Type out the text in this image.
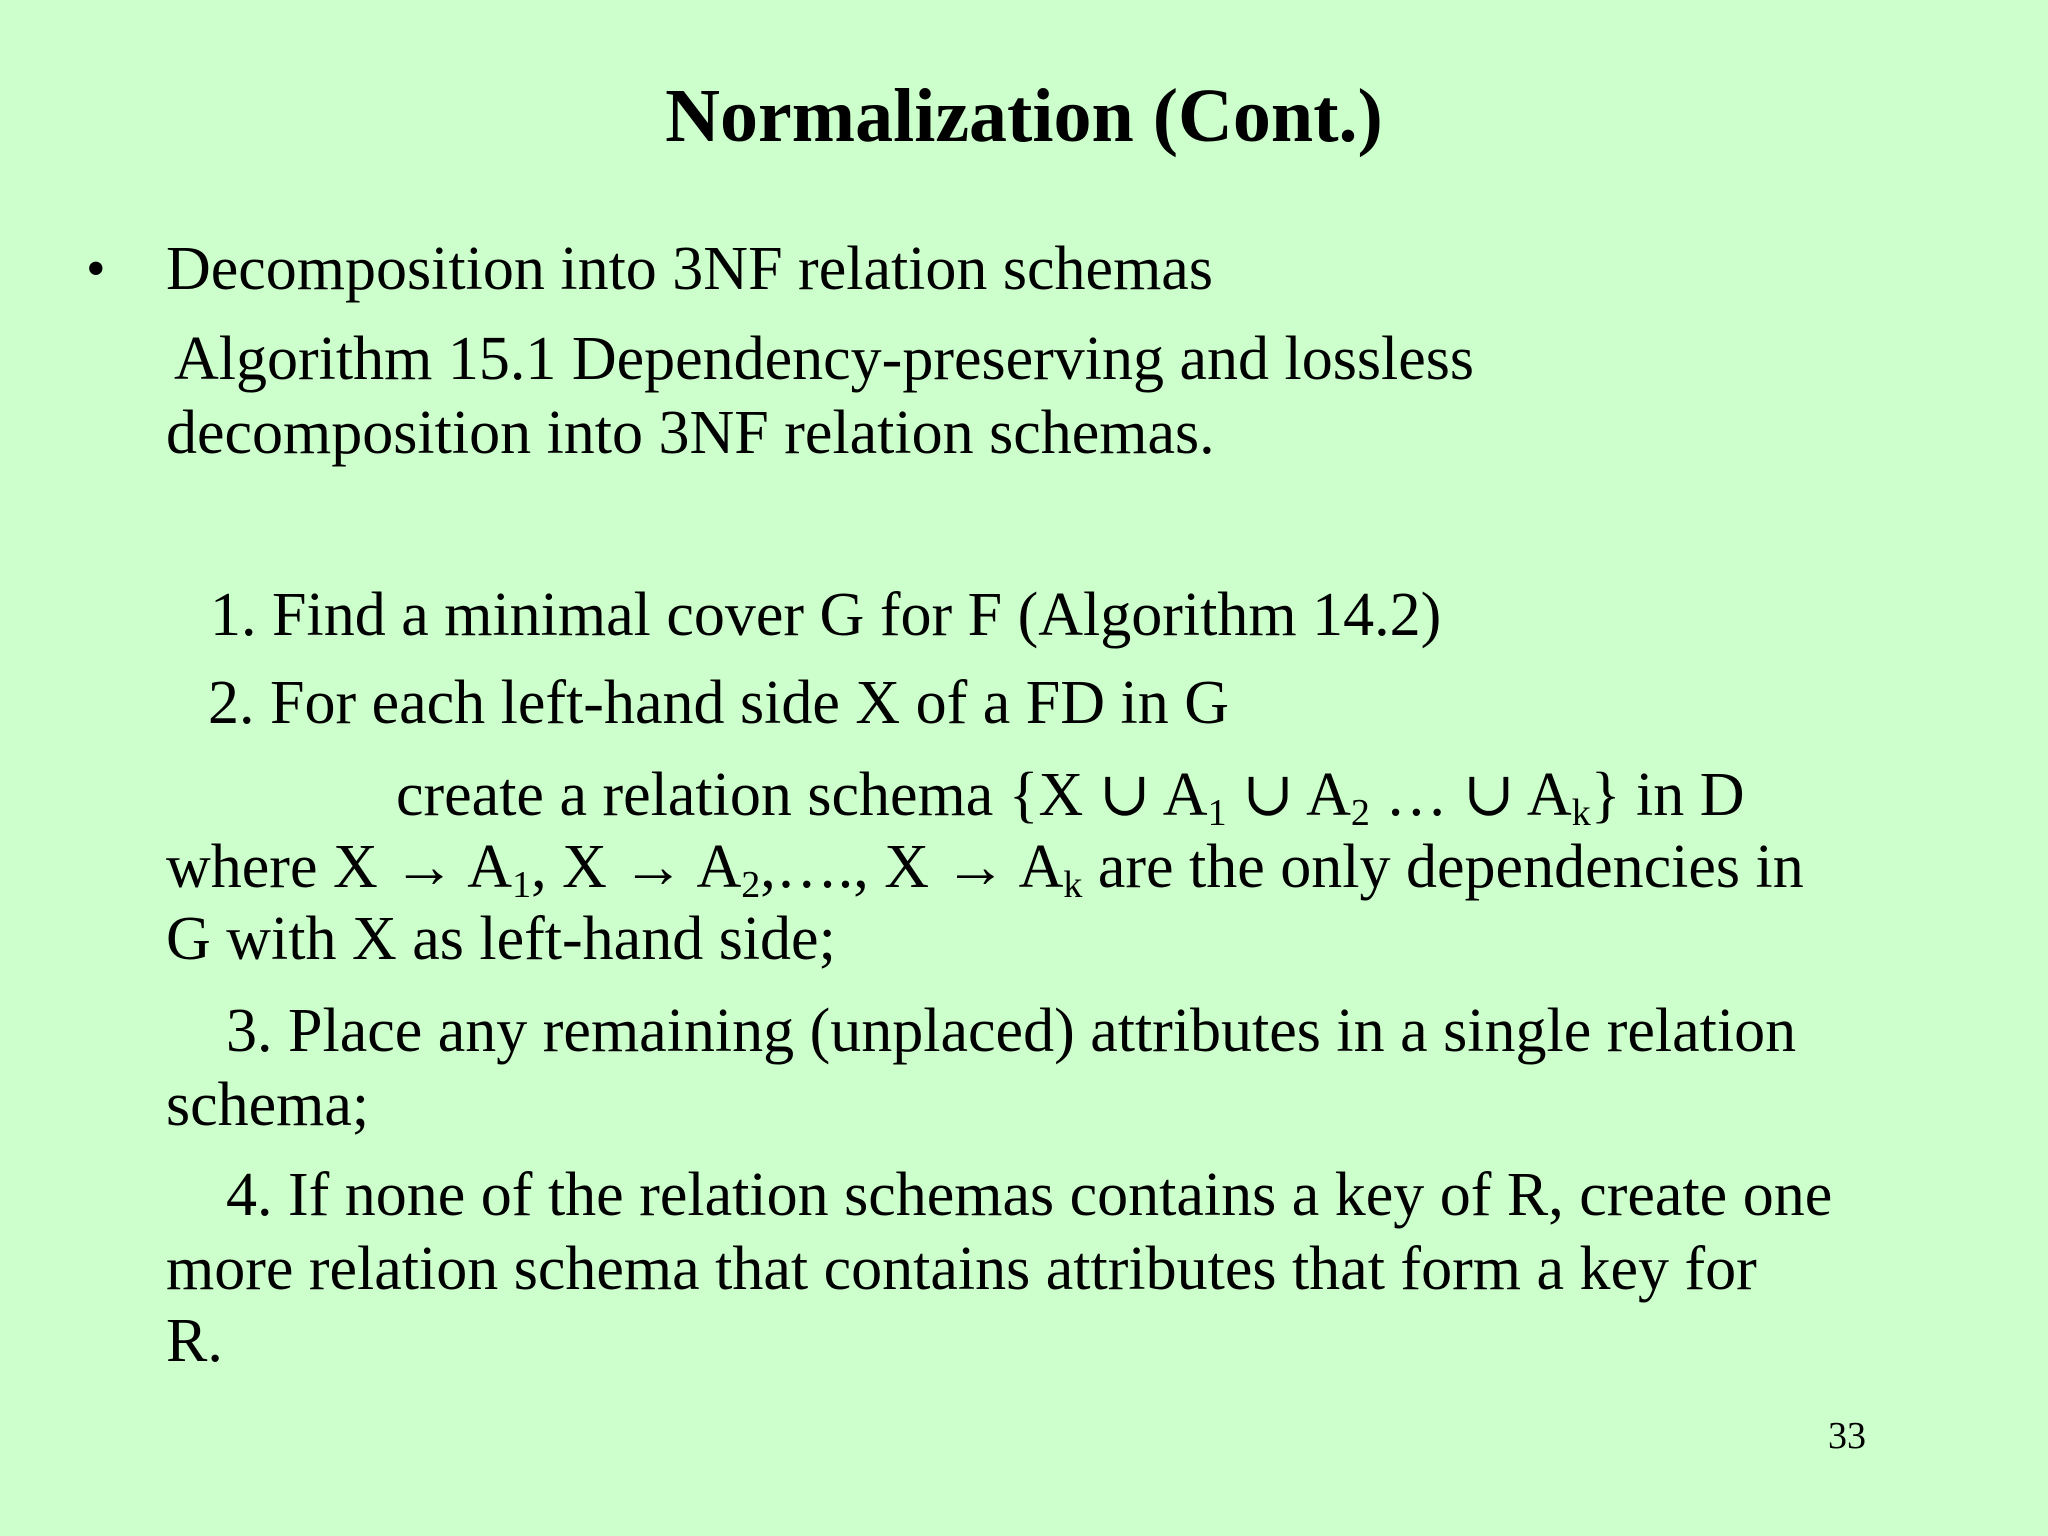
Normalization (Cont.)
• Decomposition into 3NF relation schemas
Algorithm 15.1 Dependency-preserving and lossless
decomposition into 3NF relation schemas.
1. Find a minimal cover G for F (Algorithm 14.2)
2. For each left-hand side X of a FD in G
create a relation schema {X ∪ $A_1$ ∪ $A_2$ … ∪ $A_k$} in D
where $X \to A_1$, $X \to A_2,\dots$., $X \to A_k$ are the only dependencies in
G with X as left-hand side;
3. Place any remaining (unplaced) attributes in a single relation
schema;
4. If none of the relation schemas contains a key of R, create one
more relation schema that contains attributes that form a key for
R.
33
